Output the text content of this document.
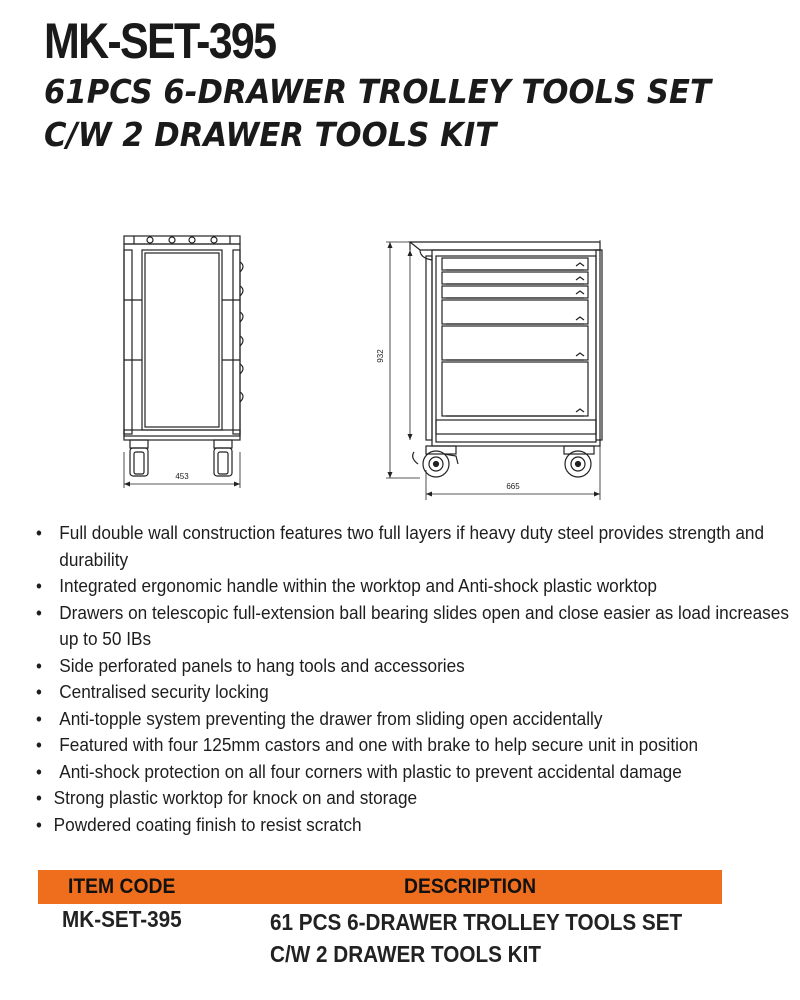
MK-SET-395
61PCS 6-DRAWER TROLLEY TOOLS SET
C/W 2 DRAWER TOOLS KIT
453
665
932
• Full double wall construction features two full layers if heavy duty steel provides strength and durability
• Integrated ergonomic handle within the worktop and Anti-shock plastic worktop
• Drawers on telescopic full-extension ball bearing slides open and close easier as load increases up to 50 IBs
• Side perforated panels to hang tools and accessories
• Centralised security locking
• Anti-topple system preventing the drawer from sliding open accidentally
• Featured with four 125mm castors and one with brake to help secure unit in position
• Anti-shock protection on all four corners with plastic to prevent accidental damage
• Strong plastic worktop for knock on and storage
• Powdered coating finish to resist scratch
ITEM CODE	DESCRIPTION
MK-SET-395	61 PCS 6-DRAWER TROLLEY TOOLS SET
C/W 2 DRAWER TOOLS KIT
